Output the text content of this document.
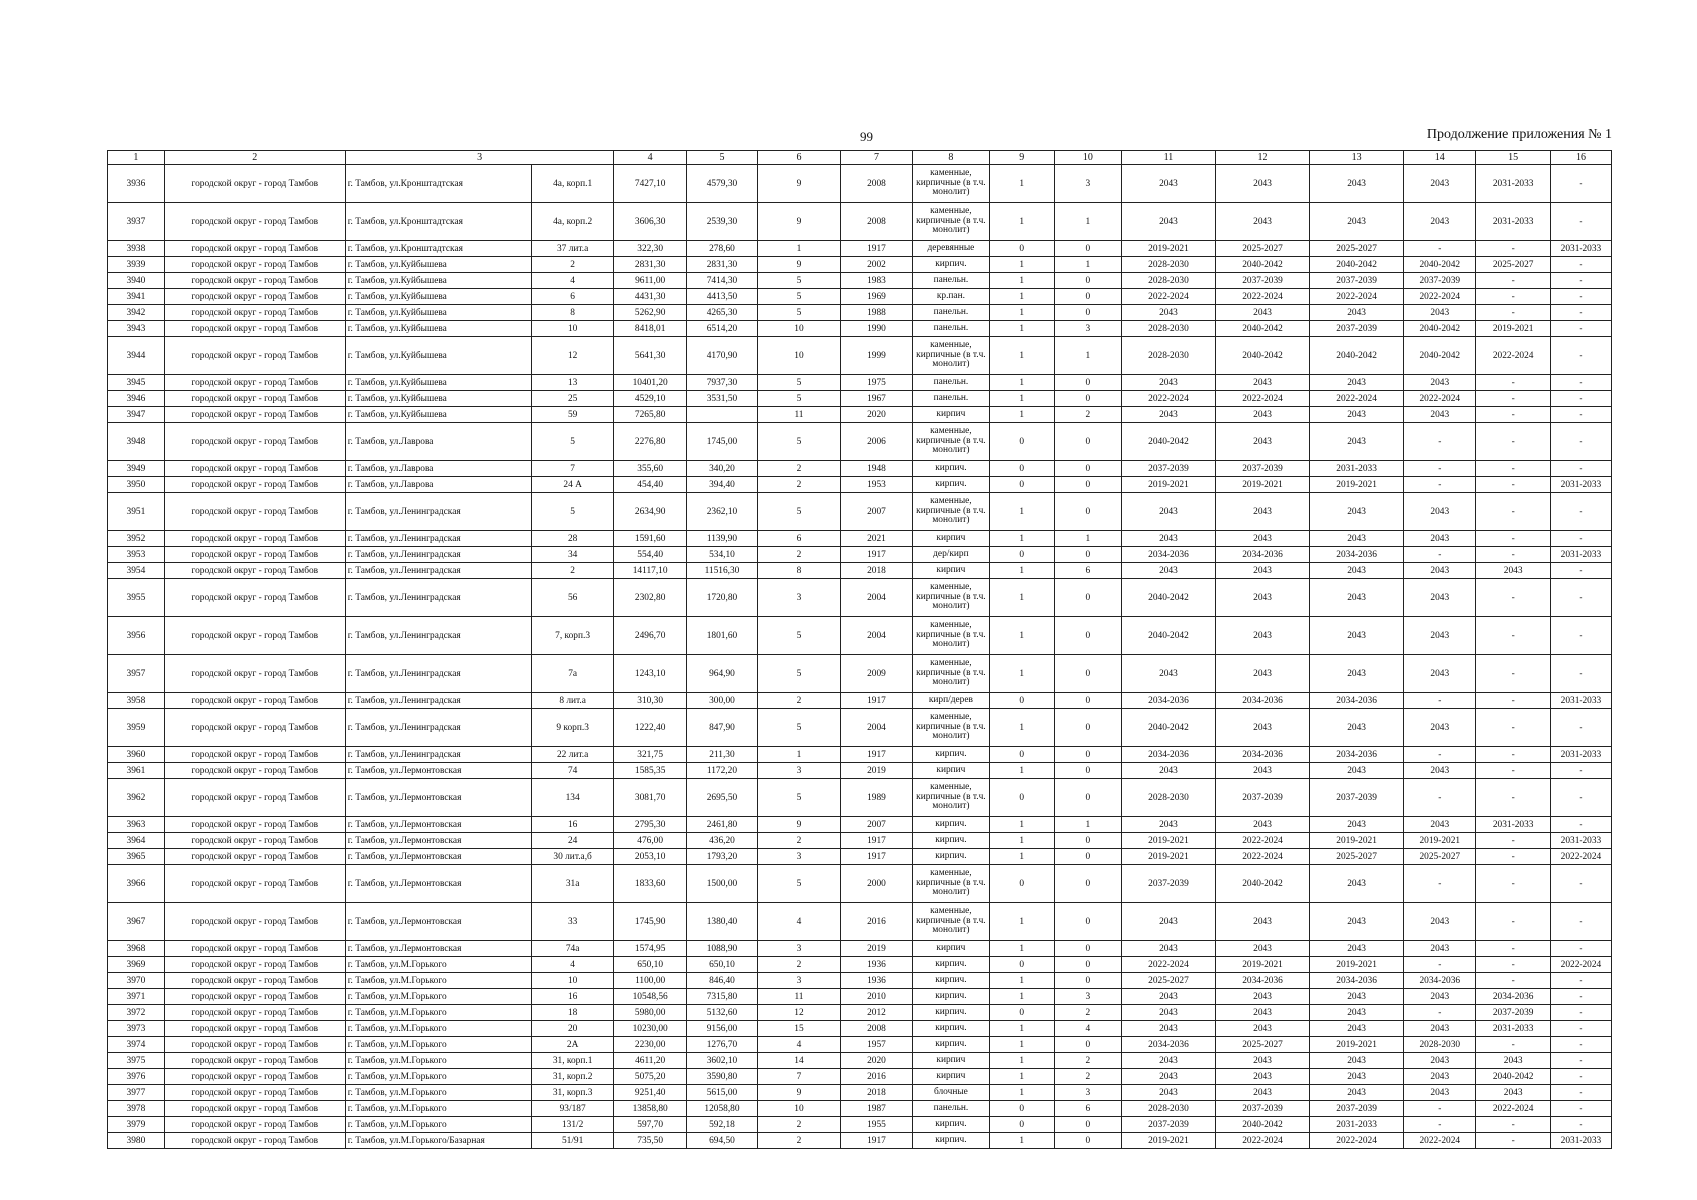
99	Продолжение приложения № 1
1	2	3		4	5	6	7	8	9	10	11	12	13	14	15	16
3936	городской округ - город Тамбов	г. Тамбов, ул.Кронштадтская	4а, корп.1	7427,10	4579,30	9	2008	каменные, кирпичные (в т.ч. монолит)	1	3	2043	2043	2043	2043	2031-2033	-
3937	городской округ - город Тамбов	г. Тамбов, ул.Кронштадтская	4а, корп.2	3606,30	2539,30	9	2008	каменные, кирпичные (в т.ч. монолит)	1	1	2043	2043	2043	2043	2031-2033	-
3938	городской округ - город Тамбов	г. Тамбов, ул.Кронштадтская	37 лит.а	322,30	278,60	1	1917	деревянные	0	0	2019-2021	2025-2027	2025-2027	-	-	2031-2033
3939	городской округ - город Тамбов	г. Тамбов, ул.Куйбышева	2	2831,30	2831,30	9	2002	кирпич.	1	1	2028-2030	2040-2042	2040-2042	2040-2042	2025-2027	-
3940	городской округ - город Тамбов	г. Тамбов, ул.Куйбышева	4	9611,00	7414,30	5	1983	панельн.	1	0	2028-2030	2037-2039	2037-2039	2037-2039	-	-
3941	городской округ - город Тамбов	г. Тамбов, ул.Куйбышева	6	4431,30	4413,50	5	1969	кр.пан.	1	0	2022-2024	2022-2024	2022-2024	2022-2024	-	-
3942	городской округ - город Тамбов	г. Тамбов, ул.Куйбышева	8	5262,90	4265,30	5	1988	панельн.	1	0	2043	2043	2043	2043	-	-
3943	городской округ - город Тамбов	г. Тамбов, ул.Куйбышева	10	8418,01	6514,20	10	1990	панельн.	1	3	2028-2030	2040-2042	2037-2039	2040-2042	2019-2021	-
3944	городской округ - город Тамбов	г. Тамбов, ул.Куйбышева	12	5641,30	4170,90	10	1999	каменные, кирпичные (в т.ч. монолит)	1	1	2028-2030	2040-2042	2040-2042	2040-2042	2022-2024	-
3945	городской округ - город Тамбов	г. Тамбов, ул.Куйбышева	13	10401,20	7937,30	5	1975	панельн.	1	0	2043	2043	2043	2043	-	-
3946	городской округ - город Тамбов	г. Тамбов, ул.Куйбышева	25	4529,10	3531,50	5	1967	панельн.	1	0	2022-2024	2022-2024	2022-2024	2022-2024	-	-
3947	городской округ - город Тамбов	г. Тамбов, ул.Куйбышева	59	7265,80		11	2020	кирпич	1	2	2043	2043	2043	2043	-	-
3948	городской округ - город Тамбов	г. Тамбов, ул.Лаврова	5	2276,80	1745,00	5	2006	каменные, кирпичные (в т.ч. монолит)	0	0	2040-2042	2043	2043	-	-	-
3949	городской округ - город Тамбов	г. Тамбов, ул.Лаврова	7	355,60	340,20	2	1948	кирпич.	0	0	2037-2039	2037-2039	2031-2033	-	-	-
3950	городской округ - город Тамбов	г. Тамбов, ул.Лаврова	24 А	454,40	394,40	2	1953	кирпич.	0	0	2019-2021	2019-2021	2019-2021	-	-	2031-2033
3951	городской округ - город Тамбов	г. Тамбов, ул.Ленинградская	5	2634,90	2362,10	5	2007	каменные, кирпичные (в т.ч. монолит)	1	0	2043	2043	2043	2043	-	-
3952	городской округ - город Тамбов	г. Тамбов, ул.Ленинградская	28	1591,60	1139,90	6	2021	кирпич	1	1	2043	2043	2043	2043	-	-
3953	городской округ - город Тамбов	г. Тамбов, ул.Ленинградская	34	554,40	534,10	2	1917	дер/кирп	0	0	2034-2036	2034-2036	2034-2036	-	-	2031-2033
3954	городской округ - город Тамбов	г. Тамбов, ул.Ленинградская	2	14117,10	11516,30	8	2018	кирпич	1	6	2043	2043	2043	2043	2043	-
3955	городской округ - город Тамбов	г. Тамбов, ул.Ленинградская	56	2302,80	1720,80	3	2004	каменные, кирпичные (в т.ч. монолит)	1	0	2040-2042	2043	2043	2043	-	-
3956	городской округ - город Тамбов	г. Тамбов, ул.Ленинградская	7, корп.3	2496,70	1801,60	5	2004	каменные, кирпичные (в т.ч. монолит)	1	0	2040-2042	2043	2043	2043	-	-
3957	городской округ - город Тамбов	г. Тамбов, ул.Ленинградская	7а	1243,10	964,90	5	2009	каменные, кирпичные (в т.ч. монолит)	1	0	2043	2043	2043	2043	-	-
3958	городской округ - город Тамбов	г. Тамбов, ул.Ленинградская	8 лит.а	310,30	300,00	2	1917	кирп/дерев	0	0	2034-2036	2034-2036	2034-2036	-	-	2031-2033
3959	городской округ - город Тамбов	г. Тамбов, ул.Ленинградская	9 корп.3	1222,40	847,90	5	2004	каменные, кирпичные (в т.ч. монолит)	1	0	2040-2042	2043	2043	2043	-	-
3960	городской округ - город Тамбов	г. Тамбов, ул.Ленинградская	22 лит.а	321,75	211,30	1	1917	кирпич.	0	0	2034-2036	2034-2036	2034-2036	-	-	2031-2033
3961	городской округ - город Тамбов	г. Тамбов, ул.Лермонтовская	74	1585,35	1172,20	3	2019	кирпич	1	0	2043	2043	2043	2043	-	-
3962	городской округ - город Тамбов	г. Тамбов, ул.Лермонтовская	134	3081,70	2695,50	5	1989	каменные, кирпичные (в т.ч. монолит)	0	0	2028-2030	2037-2039	2037-2039	-	-	-
3963	городской округ - город Тамбов	г. Тамбов, ул.Лермонтовская	16	2795,30	2461,80	9	2007	кирпич.	1	1	2043	2043	2043	2043	2031-2033	-
3964	городской округ - город Тамбов	г. Тамбов, ул.Лермонтовская	24	476,00	436,20	2	1917	кирпич.	1	0	2019-2021	2022-2024	2019-2021	2019-2021	-	2031-2033
3965	городской округ - город Тамбов	г. Тамбов, ул.Лермонтовская	30 лит.а,б	2053,10	1793,20	3	1917	кирпич.	1	0	2019-2021	2022-2024	2025-2027	2025-2027	-	2022-2024
3966	городской округ - город Тамбов	г. Тамбов, ул.Лермонтовская	31а	1833,60	1500,00	5	2000	каменные, кирпичные (в т.ч. монолит)	0	0	2037-2039	2040-2042	2043	-	-	-
3967	городской округ - город Тамбов	г. Тамбов, ул.Лермонтовская	33	1745,90	1380,40	4	2016	каменные, кирпичные (в т.ч. монолит)	1	0	2043	2043	2043	2043	-	-
3968	городской округ - город Тамбов	г. Тамбов, ул.Лермонтовская	74а	1574,95	1088,90	3	2019	кирпич	1	0	2043	2043	2043	2043	-	-
3969	городской округ - город Тамбов	г. Тамбов, ул.М.Горького	4	650,10	650,10	2	1936	кирпич.	0	0	2022-2024	2019-2021	2019-2021	-	-	2022-2024
3970	городской округ - город Тамбов	г. Тамбов, ул.М.Горького	10	1100,00	846,40	3	1936	кирпич.	1	0	2025-2027	2034-2036	2034-2036	2034-2036	-	-
3971	городской округ - город Тамбов	г. Тамбов, ул.М.Горького	16	10548,56	7315,80	11	2010	кирпич.	1	3	2043	2043	2043	2043	2034-2036	-
3972	городской округ - город Тамбов	г. Тамбов, ул.М.Горького	18	5980,00	5132,60	12	2012	кирпич.	0	2	2043	2043	2043	-	2037-2039	-
3973	городской округ - город Тамбов	г. Тамбов, ул.М.Горького	20	10230,00	9156,00	15	2008	кирпич.	1	4	2043	2043	2043	2043	2031-2033	-
3974	городской округ - город Тамбов	г. Тамбов, ул.М.Горького	2А	2230,00	1276,70	4	1957	кирпич.	1	0	2034-2036	2025-2027	2019-2021	2028-2030	-	-
3975	городской округ - город Тамбов	г. Тамбов, ул.М.Горького	31, корп.1	4611,20	3602,10	14	2020	кирпич	1	2	2043	2043	2043	2043	2043	-
3976	городской округ - город Тамбов	г. Тамбов, ул.М.Горького	31, корп.2	5075,20	3590,80	7	2016	кирпич	1	2	2043	2043	2043	2043	2040-2042	-
3977	городской округ - город Тамбов	г. Тамбов, ул.М.Горького	31, корп.3	9251,40	5615,00	9	2018	блочные	1	3	2043	2043	2043	2043	2043	-
3978	городской округ - город Тамбов	г. Тамбов, ул.М.Горького	93/187	13858,80	12058,80	10	1987	панельн.	0	6	2028-2030	2037-2039	2037-2039	-	2022-2024	-
3979	городской округ - город Тамбов	г. Тамбов, ул.М.Горького	131/2	597,70	592,18	2	1955	кирпич.	0	0	2037-2039	2040-2042	2031-2033	-	-	-
3980	городской округ - город Тамбов	г. Тамбов, ул.М.Горького/Базарная	51/91	735,50	694,50	2	1917	кирпич.	1	0	2019-2021	2022-2024	2022-2024	2022-2024	-	2031-2033
